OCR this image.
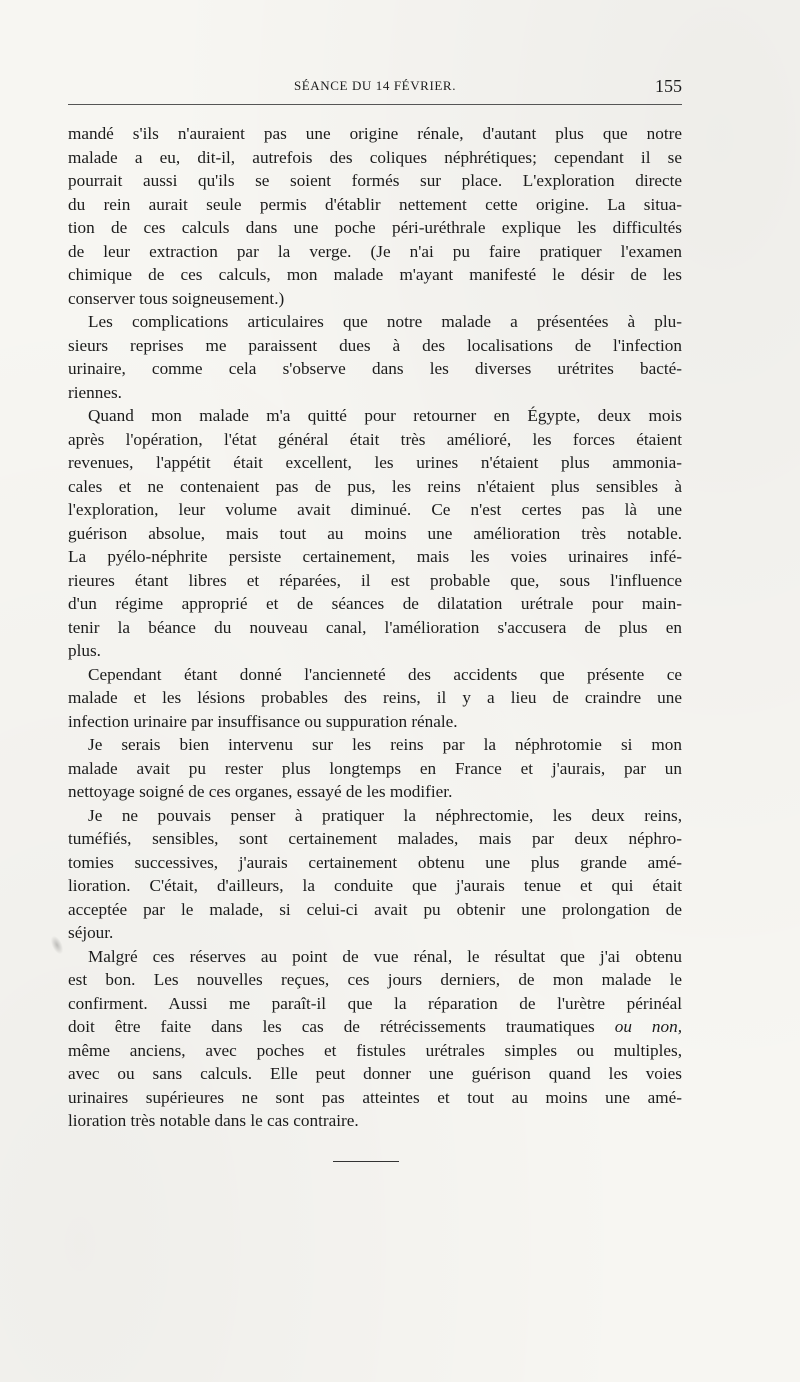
SÉANCE DU 14 FÉVRIER.	155
mandé s'ils n'auraient pas une origine rénale, d'autant plus que notre
malade a eu, dit-il, autrefois des coliques néphrétiques; cependant il se
pourrait aussi qu'ils se soient formés sur place. L'exploration directe
du rein aurait seule permis d'établir nettement cette origine. La situa-
tion de ces calculs dans une poche péri-uréthrale explique les difficultés
de leur extraction par la verge. (Je n'ai pu faire pratiquer l'examen
chimique de ces calculs, mon malade m'ayant manifesté le désir de les
conserver tous soigneusement.)
Les complications articulaires que notre malade a présentées à plu-
sieurs reprises me paraissent dues à des localisations de l'infection
urinaire, comme cela s'observe dans les diverses urétrites bacté-
riennes.
Quand mon malade m'a quitté pour retourner en Égypte, deux mois
après l'opération, l'état général était très amélioré, les forces étaient
revenues, l'appétit était excellent, les urines n'étaient plus ammonia-
cales et ne contenaient pas de pus, les reins n'étaient plus sensibles à
l'exploration, leur volume avait diminué. Ce n'est certes pas là une
guérison absolue, mais tout au moins une amélioration très notable.
La pyélo-néphrite persiste certainement, mais les voies urinaires infé-
rieures étant libres et réparées, il est probable que, sous l'influence
d'un régime approprié et de séances de dilatation urétrale pour main-
tenir la béance du nouveau canal, l'amélioration s'accusera de plus en
plus.
Cependant étant donné l'ancienneté des accidents que présente ce
malade et les lésions probables des reins, il y a lieu de craindre une
infection urinaire par insuffisance ou suppuration rénale.
Je serais bien intervenu sur les reins par la néphrotomie si mon
malade avait pu rester plus longtemps en France et j'aurais, par un
nettoyage soigné de ces organes, essayé de les modifier.
Je ne pouvais penser à pratiquer la néphrectomie, les deux reins,
tuméfiés, sensibles, sont certainement malades, mais par deux néphro-
tomies successives, j'aurais certainement obtenu une plus grande amé-
lioration. C'était, d'ailleurs, la conduite que j'aurais tenue et qui était
acceptée par le malade, si celui-ci avait pu obtenir une prolongation de
séjour.
Malgré ces réserves au point de vue rénal, le résultat que j'ai obtenu
est bon. Les nouvelles reçues, ces jours derniers, de mon malade le
confirment. Aussi me paraît-il que la réparation de l'urètre périnéal
doit être faite dans les cas de rétrécissements traumatiques ou non,
même anciens, avec poches et fistules urétrales simples ou multiples,
avec ou sans calculs. Elle peut donner une guérison quand les voies
urinaires supérieures ne sont pas atteintes et tout au moins une amé-
lioration très notable dans le cas contraire.
